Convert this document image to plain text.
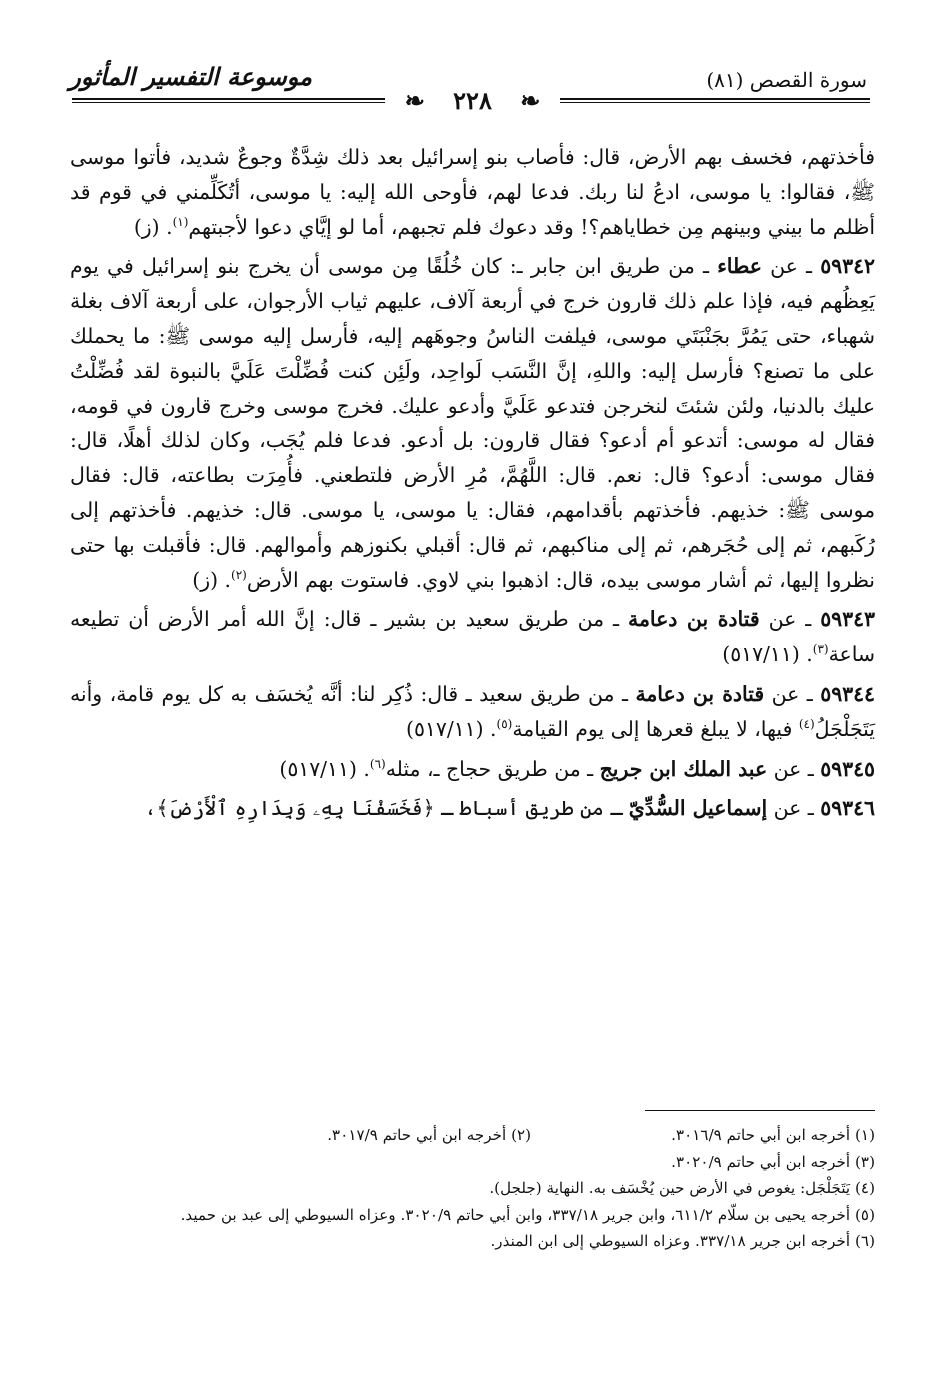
سورة القصص (٨١)
موسوعة التفسير المأثور
❧ ٢٢٨ ❧

فأخذتهم، فخسف بهم الأرض، قال: فأصاب بنو إسرائيل بعد ذلك شِدَّةٌ وجوعٌ شديد، فأتوا موسى ﷺ، فقالوا: يا موسى، ادعُ لنا ربك. فدعا لهم، فأوحى الله إليه: يا موسى، أتُكَلِّمني في قوم قد أظلم ما بيني وبينهم مِن خطاياهم؟! وقد دعوك فلم تجبهم، أما لو إيَّاي دعوا لأجبتهم$^{(١)}$. (ز)

٥٩٣٤٢ ـ عن عطاء ـ من طريق ابن جابر ـ: كان خُلُقًا مِن موسى أن يخرج بنو إسرائيل في يوم يَعِظُهم فيه، فإذا علم ذلك قارون خرج في أربعة آلاف، عليهم ثياب الأرجوان، على أربعة آلاف بغلة شهباء، حتى يَمُرَّ بجَنْبَتَي موسى، فيلفت الناسُ وجوهَهم إليه، فأرسل إليه موسى ﷺ: ما يحملك على ما تصنع؟ فأرسل إليه: واللهِ، إنَّ النَّسَب لَواحِد، ولَئِن كنت فُضِّلْتَ عَلَيَّ بالنبوة لقد فُضِّلْتُ عليك بالدنيا، ولئن شئتَ لنخرجن فتدعو عَلَيَّ وأدعو عليك. فخرج موسى وخرج قارون في قومه، فقال له موسى: أتدعو أم أدعو؟ فقال قارون: بل أدعو. فدعا فلم يُجَب، وكان لذلك أهلًا، قال: فقال موسى: أدعو؟ قال: نعم. قال: اللَّهُمَّ، مُرِ الأرض فلتطعني. فأُمِرَت بطاعته، قال: فقال موسى ﷺ: خذيهم. فأخذتهم بأقدامهم، فقال: يا موسى، يا موسى. قال: خذيهم. فأخذتهم إلى رُكَبهم، ثم إلى حُجَرهم، ثم إلى مناكبهم، ثم قال: أقبلي بكنوزهم وأموالهم. قال: فأقبلت بها حتى نظروا إليها، ثم أشار موسى بيده، قال: اذهبوا بني لاوي. فاستوت بهم الأرض$^{(٢)}$. (ز)

٥٩٣٤٣ ـ عن قتادة بن دعامة ـ من طريق سعيد بن بشير ـ قال: إنَّ الله أمر الأرض أن تطيعه ساعة$^{(٣)}$. (٥١٧/١١)

٥٩٣٤٤ ـ عن قتادة بن دعامة ـ من طريق سعيد ـ قال: ذُكِر لنا: أنَّه يُخسَف به كل يوم قامة، وأنه يَتَجَلْجَلُ$^{(٤)}$ فيها، لا يبلغ قعرها إلى يوم القيامة$^{(٥)}$. (٥١٧/١١)

٥٩٣٤٥ ـ عن عبد الملك ابن جريج ـ من طريق حجاج ـ، مثله$^{(٦)}$. (٥١٧/١١)

٥٩٣٤٦ ـ عن إسماعيل السُّدِّيّ ـ من طريق أسباط ـ ﴿فَخَسَفْنَا بِهِۦ وَبِدَارِهِ ٱلْأَرْضَ﴾،

(١) أخرجه ابن أبي حاتم ٣٠١٦/٩.
(٢) أخرجه ابن أبي حاتم ٣٠١٧/٩.

(٣) أخرجه ابن أبي حاتم ٣٠٢٠/٩.

(٤) يَتَجَلْجَل: يغوص في الأرض حين يُخْسَف به. النهاية (جلجل).

(٥) أخرجه يحيى بن سلّام ٦١١/٢، وابن جرير ٣٣٧/١٨، وابن أبي حاتم ٣٠٢٠/٩. وعزاه السيوطي إلى عبد بن حميد.

(٦) أخرجه ابن جرير ٣٣٧/١٨. وعزاه السيوطي إلى ابن المنذر.
